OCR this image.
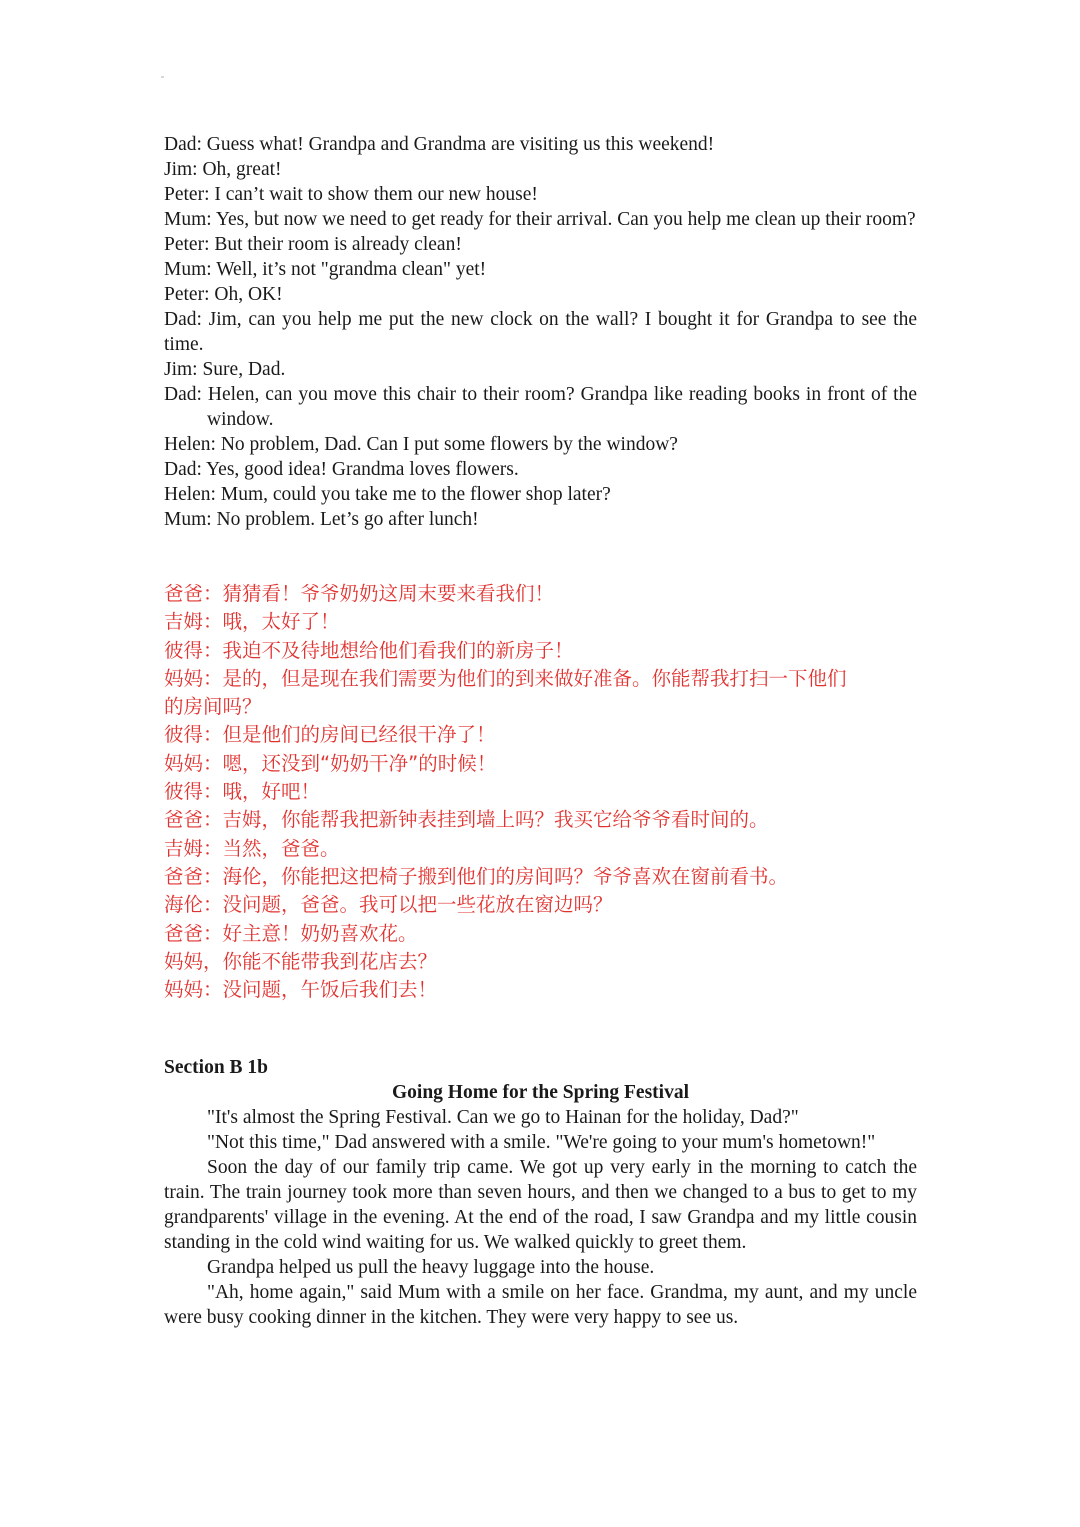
Dad: Guess what! Grandpa and Grandma are visiting us this weekend!

Jim: Oh, great!

Peter: I can’t wait to show them our new house!

Mum: Yes, but now we need to get ready for their arrival. Can you help me clean up their room?

Peter: But their room is already clean!

Mum: Well, it’s not "grandma clean" yet!

Peter: Oh, OK!

Dad: Jim, can you help me put the new clock on the wall? I bought it for Grandpa to see the time.

Jim: Sure, Dad.

Dad: Helen, can you move this chair to their room? Grandpa like reading books in front of the window.

Helen: No problem, Dad. Can I put some flowers by the window?

Dad: Yes, good idea! Grandma loves flowers.

Helen: Mum, could you take me to the flower shop later?

Mum: No problem. Let’s go after lunch!

爸爸：猜猜看！爷爷奶奶这周末要来看我们！

吉姆：哦，太好了！

彼得：我迫不及待地想给他们看我们的新房子！

妈妈：是的，但是现在我们需要为他们的到来做好准备。你能帮我打扫一下他们

的房间吗？

彼得：但是他们的房间已经很干净了！

妈妈：嗯，还没到“奶奶干净”的时候！

彼得：哦，好吧！

爸爸：吉姆，你能帮我把新钟表挂到墙上吗？我买它给爷爷看时间的。

吉姆：当然，爸爸。

爸爸：海伦，你能把这把椅子搬到他们的房间吗？爷爷喜欢在窗前看书。

海伦：没问题，爸爸。我可以把一些花放在窗边吗？

爸爸：好主意！奶奶喜欢花。

妈妈，你能不能带我到花店去？

妈妈：没问题，午饭后我们去！

Section B 1b

Going Home for the Spring Festival

"It's almost the Spring Festival. Can we go to Hainan for the holiday, Dad?"

"Not this time," Dad answered with a smile. "We're going to your mum's hometown!"

Soon the day of our family trip came. We got up very early in the morning to catch the train. The train journey took more than seven hours, and then we changed to a bus to get to my grandparents' village in the evening. At the end of the road, I saw Grandpa and my little cousin standing in the cold wind waiting for us. We walked quickly to greet them.

Grandpa helped us pull the heavy luggage into the house.

"Ah, home again," said Mum with a smile on her face. Grandma, my aunt, and my uncle were busy cooking dinner in the kitchen. They were very happy to see us.
